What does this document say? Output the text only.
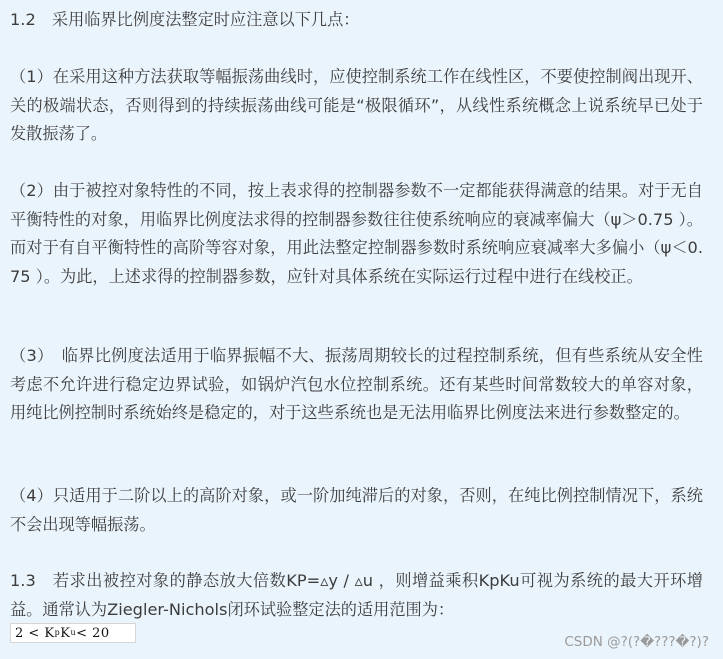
1.2　采用临界比例度法整定时应注意以下几点：

（1）在采用这种方法获取等幅振荡曲线时，应使控制系统工作在线性区，不要使控制阀出现开、关的极端状态，否则得到的持续振荡曲线可能是“极限循环”，从线性系统概念上说系统早已处于发散振荡了。

（2）由于被控对象特性的不同，按上表求得的控制器参数不一定都能获得满意的结果。对于无自平衡特性的对象，用临界比例度法求得的控制器参数往往使系统响应的衰减率偏大（ψ＞0.75 ）。而对于有自平衡特性的高阶等容对象，用此法整定控制器参数时系统响应衰减率大多偏小（ψ＜0.75 ）。为此，上述求得的控制器参数，应针对具体系统在实际运行过程中进行在线校正。

（3）　临界比例度法适用于临界振幅不大、振荡周期较长的过程控制系统，但有些系统从安全性考虑不允许进行稳定边界试验，如锅炉汽包水位控制系统。还有某些时间常数较大的单容对象，用纯比例控制时系统始终是稳定的，对于这些系统也是无法用临界比例度法来进行参数整定的。

（4）只适用于二阶以上的高阶对象，或一阶加纯滞后的对象，否则，在纯比例控制情况下，系统不会出现等幅振荡。

1.3　若求出被控对象的静态放大倍数KP=▵y / ▵u ，则增益乘积KpKu可视为系统的最大开环增益。通常认为Ziegler-Nichols闭环试验整定法的适用范围为：

2 < K p K u < 20
CSDN @?(?�???�?)?
